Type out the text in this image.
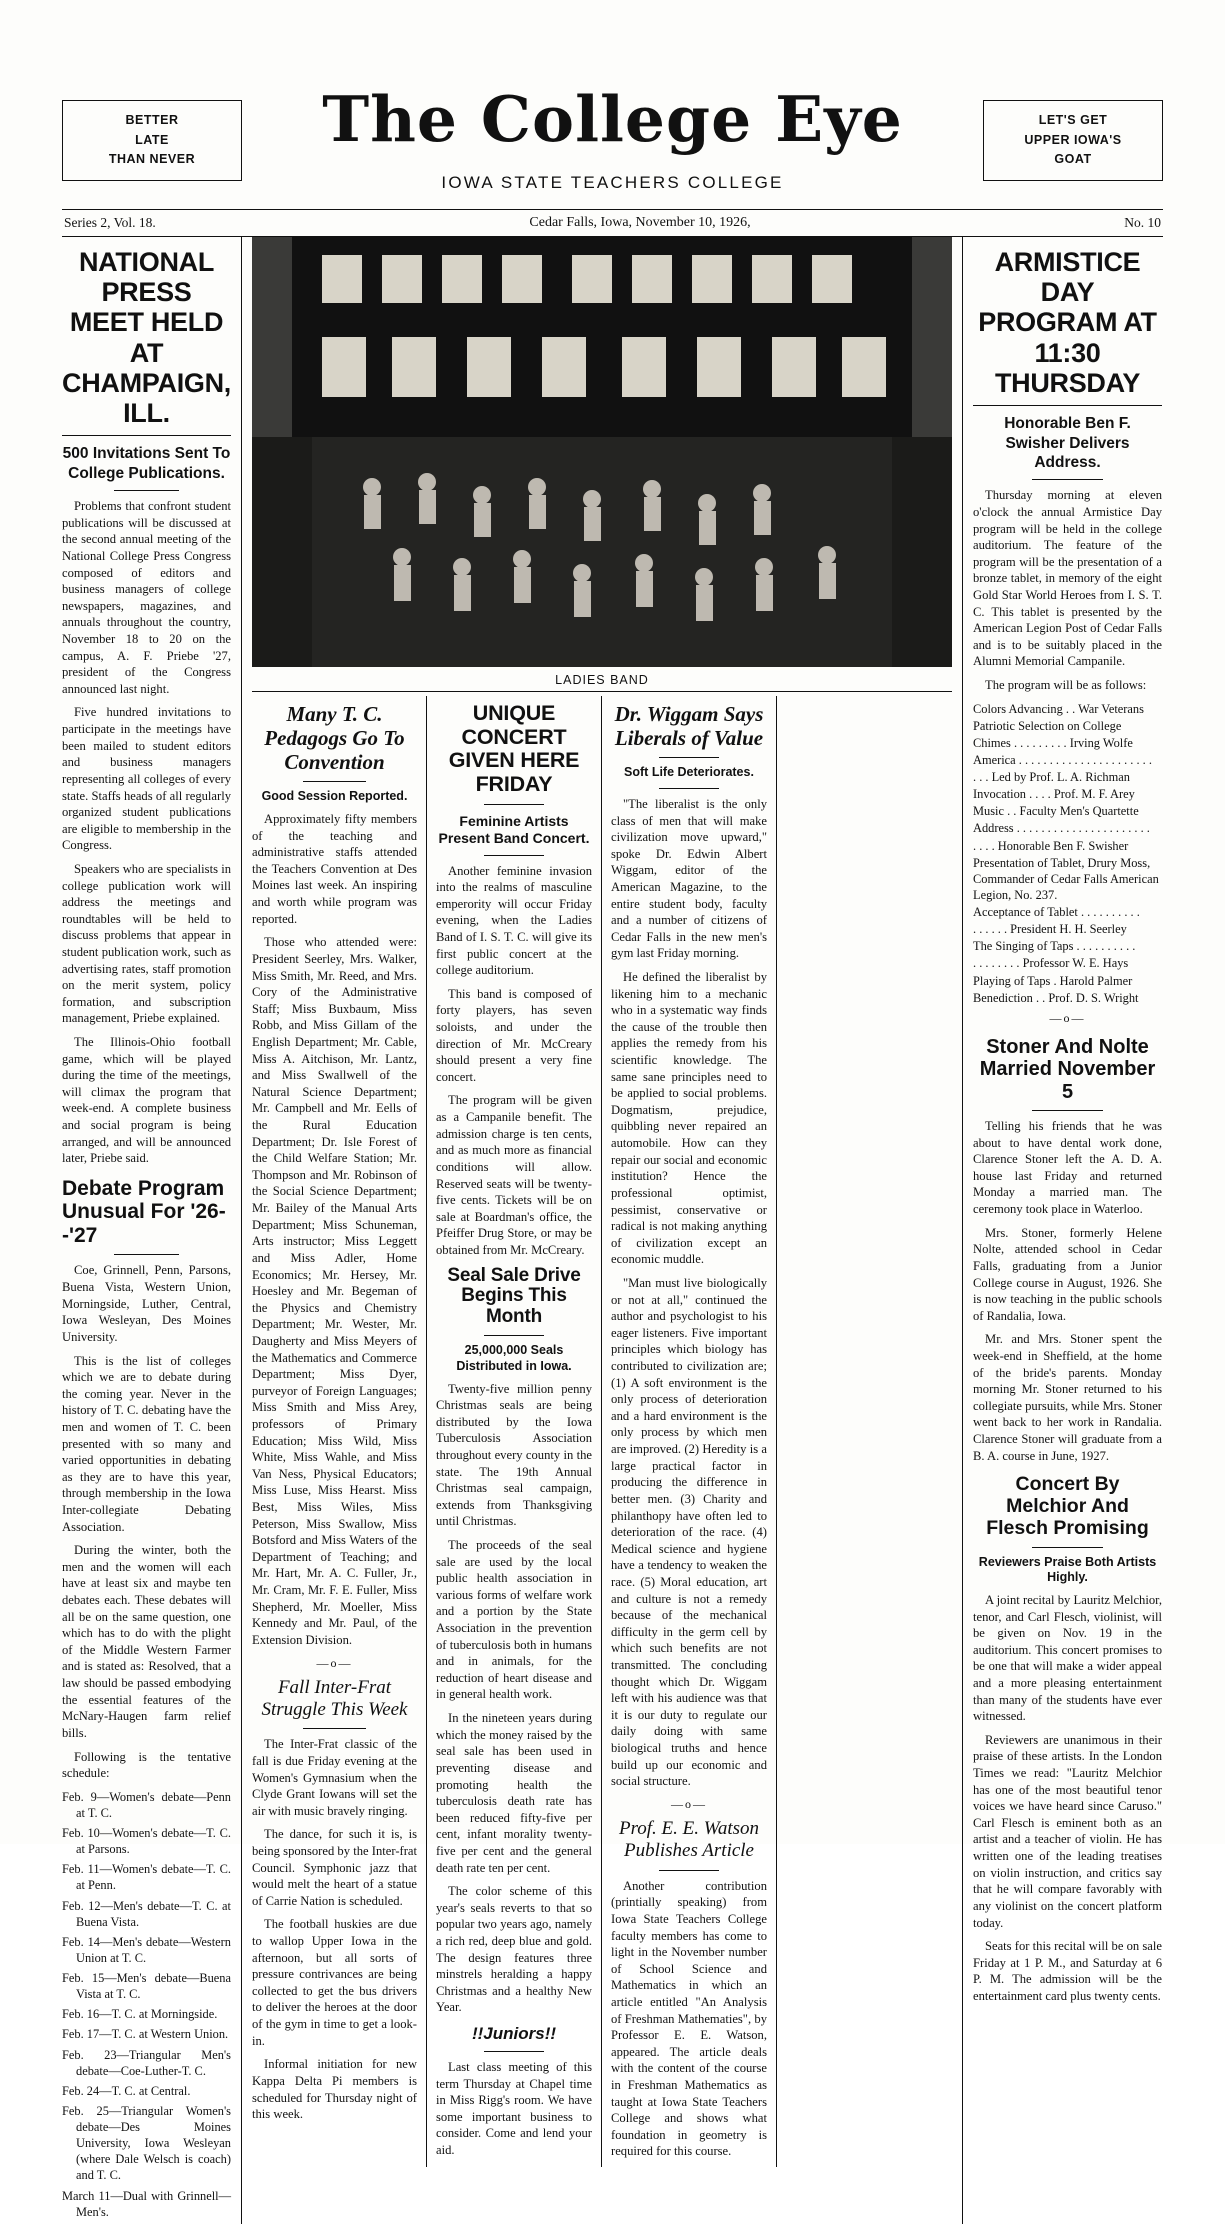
BETTER
LATE
THAN NEVER
The College Eye
IOWA STATE TEACHERS COLLEGE
LET'S GET
UPPER IOWA'S
GOAT
Series 2, Vol. 18.	Cedar Falls, Iowa, November 10, 1926,	No. 10
NATIONAL PRESS MEET HELD AT CHAMPAIGN, ILL.
500 Invitations Sent To College Publications.

Problems that confront student publications will be discussed at the second annual meeting of the National College Press Congress composed of editors and business managers of college newspapers, magazines, and annuals throughout the country, November 18 to 20 on the campus, A. F. Priebe '27, president of the Congress announced last night.

Five hundred invitations to participate in the meetings have been mailed to student editors and business managers representing all colleges of every state. Staffs heads of all regularly organized student publications are eligible to membership in the Congress.

Speakers who are specialists in college publication work will address the meetings and roundtables will be held to discuss problems that appear in student publication work, such as advertising rates, staff promotion on the merit system, policy formation, and subscription management, Priebe explained.

The Illinois-Ohio football game, which will be played during the time of the meetings, will climax the program that week-end. A complete business and social program is being arranged, and will be announced later, Priebe said.

Debate Program Unusual For '26--'27

Coe, Grinnell, Penn, Parsons, Buena Vista, Western Union, Morningside, Luther, Central, Iowa Wesleyan, Des Moines University.

This is the list of colleges which we are to debate during the coming year. Never in the history of T. C. debating have the men and women of T. C. been presented with so many and varied opportunities in debating as they are to have this year, through membership in the Iowa Inter-collegiate Debating Association.

During the winter, both the men and the women will each have at least six and maybe ten debates each. These debates will all be on the same question, one which has to do with the plight of the Middle Western Farmer and is stated as: Resolved, that a law should be passed embodying the essential features of the McNary-Haugen farm relief bills.

Following is the tentative schedule:

Feb. 9—Women's debate—Penn at T. C.

Feb. 10—Women's debate—T. C. at Parsons.

Feb. 11—Women's debate—T. C. at Penn.

Feb. 12—Men's debate—T. C. at Buena Vista.

Feb. 14—Men's debate—Western Union at T. C.

Feb. 15—Men's debate—Buena Vista at T. C.

Feb. 16—T. C. at Morningside.

Feb. 17—T. C. at Western Union.

Feb. 23—Triangular Men's debate—Coe-Luther-T. C.

Feb. 24—T. C. at Central.

Feb. 25—Triangular Women's debate—Des Moines University, Iowa Wesleyan (where Dale Welsch is coach) and T. C.

March 11—Dual with Grinnell—Men's.

LADIES BAND
Many T. C. Pedagogs Go To Convention
Good Session Reported.

Approximately fifty members of the teaching and administrative staffs attended the Teachers Convention at Des Moines last week. An inspiring and worth while program was reported.

Those who attended were: President Seerley, Mrs. Walker, Miss Smith, Mr. Reed, and Mrs. Cory of the Administrative Staff; Miss Buxbaum, Miss Robb, and Miss Gillam of the English Department; Mr. Cable, Miss A. Aitchison, Mr. Lantz, and Miss Swallwell of the Natural Science Department; Mr. Campbell and Mr. Eells of the Rural Education Department; Dr. Isle Forest of the Child Welfare Station; Mr. Thompson and Mr. Robinson of the Social Science Department; Mr. Bailey of the Manual Arts Department; Miss Schuneman, Arts instructor; Miss Leggett and Miss Adler, Home Economics; Mr. Hersey, Mr. Hoesley and Mr. Begeman of the Physics and Chemistry Department; Mr. Wester, Mr. Daugherty and Miss Meyers of the Mathematics and Commerce Department; Miss Dyer, purveyor of Foreign Languages; Miss Smith and Miss Arey, professors of Primary Education; Miss Wild, Miss White, Miss Wahle, and Miss Van Ness, Physical Educators; Miss Luse, Miss Hearst. Miss Best, Miss Wiles, Miss Peterson, Miss Swallow, Miss Botsford and Miss Waters of the Department of Teaching; and Mr. Hart, Mr. A. C. Fuller, Jr., Mr. Cram, Mr. F. E. Fuller, Miss Shepherd, Mr. Moeller, Miss Kennedy and Mr. Paul, of the Extension Division.

—o—
Fall Inter-Frat Struggle This Week

The Inter-Frat classic of the fall is due Friday evening at the Women's Gymnasium when the Clyde Grant Iowans will set the air with music bravely ringing.

The dance, for such it is, is being sponsored by the Inter-frat Council. Symphonic jazz that would melt the heart of a statue of Carrie Nation is scheduled.

The football huskies are due to wallop Upper Iowa in the afternoon, but all sorts of pressure contrivances are being collected to get the bus drivers to deliver the heroes at the door of the gym in time to get a look-in.

Informal initiation for new Kappa Delta Pi members is scheduled for Thursday night of this week.

UNIQUE CONCERT GIVEN HERE FRIDAY
Feminine Artists Present Band Concert.

Another feminine invasion into the realms of masculine emperority will occur Friday evening, when the Ladies Band of I. S. T. C. will give its first public concert at the college auditorium.

This band is composed of forty players, has seven soloists, and under the direction of Mr. McCreary should present a very fine concert.

The program will be given as a Campanile benefit. The admission charge is ten cents, and as much more as financial conditions will allow. Reserved seats will be twenty-five cents. Tickets will be on sale at Boardman's office, the Pfeiffer Drug Store, or may be obtained from Mr. McCreary.

Seal Sale Drive Begins This Month
25,000,000 Seals Distributed in Iowa.

Twenty-five million penny Christmas seals are being distributed by the Iowa Tuberculosis Association throughout every county in the state. The 19th Annual Christmas seal campaign, extends from Thanksgiving until Christmas.

The proceeds of the seal sale are used by the local public health association in various forms of welfare work and a portion by the State Association in the prevention of tuberculosis both in humans and in animals, for the reduction of heart disease and in general health work.

In the nineteen years during which the money raised by the seal sale has been used in preventing disease and promoting health the tuberculosis death rate has been reduced fifty-five per cent, infant morality twenty-five per cent and the general death rate ten per cent.

The color scheme of this year's seals reverts to that so popular two years ago, namely a rich red, deep blue and gold. The design features three minstrels heralding a happy Christmas and a healthy New Year.

!!Juniors!!

Last class meeting of this term Thursday at Chapel time in Miss Rigg's room. We have some important business to consider. Come and lend your aid.

Dr. Wiggam Says Liberals of Value
Soft Life Deteriorates.

"The liberalist is the only class of men that will make civilization move upward," spoke Dr. Edwin Albert Wiggam, editor of the American Magazine, to the entire student body, faculty and a number of citizens of Cedar Falls in the new men's gym last Friday morning.

He defined the liberalist by likening him to a mechanic who in a systematic way finds the cause of the trouble then applies the remedy from his scientific knowledge. The same sane principles need to be applied to social problems. Dogmatism, prejudice, quibbling never repaired an automobile. How can they repair our social and economic institution? Hence the professional optimist, pessimist, conservative or radical is not making anything of civilization except an economic muddle.

"Man must live biologically or not at all," continued the author and psychologist to his eager listeners. Five important principles which biology has contributed to civilization are; (1) A soft environment is the only process of deterioration and a hard environment is the only process by which men are improved. (2) Heredity is a large practical factor in producing the difference in better men. (3) Charity and philanthopy have often led to deterioration of the race. (4) Medical science and hygiene have a tendency to weaken the race. (5) Moral education, art and culture is not a remedy because of the mechanical difficulty in the germ cell by which such benefits are not transmitted. The concluding thought which Dr. Wiggam left with his audience was that it is our duty to regulate our daily doing with same biological truths and hence build up our economic and social structure.

—o—
Prof. E. E. Watson Publishes Article

Another contribution (printially speaking) from Iowa State Teachers College faculty members has come to light in the November number of School Science and Mathematics in which an article entitled "An Analysis of Freshman Mathematies", by Professor E. E. Watson, appeared. The article deals with the content of the course in Freshman Mathematics as taught at Iowa State Teachers College and shows what foundation in geometry is required for this course.

ARMISTICE DAY PROGRAM AT 11:30 THURSDAY
Honorable Ben F. Swisher Delivers Address.

Thursday morning at eleven o'clock the annual Armistice Day program will be held in the college auditorium. The feature of the program will be the presentation of a bronze tablet, in memory of the eight Gold Star World Heroes from I. S. T. C. This tablet is presented by the American Legion Post of Cedar Falls and is to be suitably placed in the Alumni Memorial Campanile.

The program will be as follows:

Colors Advancing . . War Veterans

Patriotic Selection on College

Chimes . . . . . . . . . Irving Wolfe

America . . . . . . . . . . . . . . . . . . . . . .

. . . Led by Prof. L. A. Richman

Invocation . . . . Prof. M. F. Arey

Music . . Faculty Men's Quartette

Address . . . . . . . . . . . . . . . . . . . . . .

. . . . Honorable Ben F. Swisher

Presentation of Tablet, Drury Moss, Commander of Cedar Falls American Legion, No. 237.

Acceptance of Tablet . . . . . . . . . .

. . . . . . President H. H. Seerley

The Singing of Taps . . . . . . . . . .

. . . . . . . . Professor W. E. Hays

Playing of Taps . Harold Palmer

Benediction . . Prof. D. S. Wright

—o—
Stoner And Nolte Married November 5

Telling his friends that he was about to have dental work done, Clarence Stoner left the A. D. A. house last Friday and returned Monday a married man. The ceremony took place in Waterloo.

Mrs. Stoner, formerly Helene Nolte, attended school in Cedar Falls, graduating from a Junior College course in August, 1926. She is now teaching in the public schools of Randalia, Iowa.

Mr. and Mrs. Stoner spent the week-end in Sheffield, at the home of the bride's parents. Monday morning Mr. Stoner returned to his collegiate pursuits, while Mrs. Stoner went back to her work in Randalia. Clarence Stoner will graduate from a B. A. course in June, 1927.

Concert By Melchior And Flesch Promising
Reviewers Praise Both Artists Highly.

A joint recital by Lauritz Melchior, tenor, and Carl Flesch, violinist, will be given on Nov. 19 in the auditorium. This concert promises to be one that will make a wider appeal and a more pleasing entertainment than many of the students have ever witnessed.

Reviewers are unanimous in their praise of these artists. In the London Times we read: "Lauritz Melchior has one of the most beautiful tenor voices we have heard since Caruso." Carl Flesch is eminent both as an artist and a teacher of violin. He has written one of the leading treatises on violin instruction, and critics say that he will compare favorably with any violinist on the concert platform today.

Seats for this recital will be on sale Friday at 1 P. M., and Saturday at 6 P. M. The admission will be the entertainment card plus twenty cents.
